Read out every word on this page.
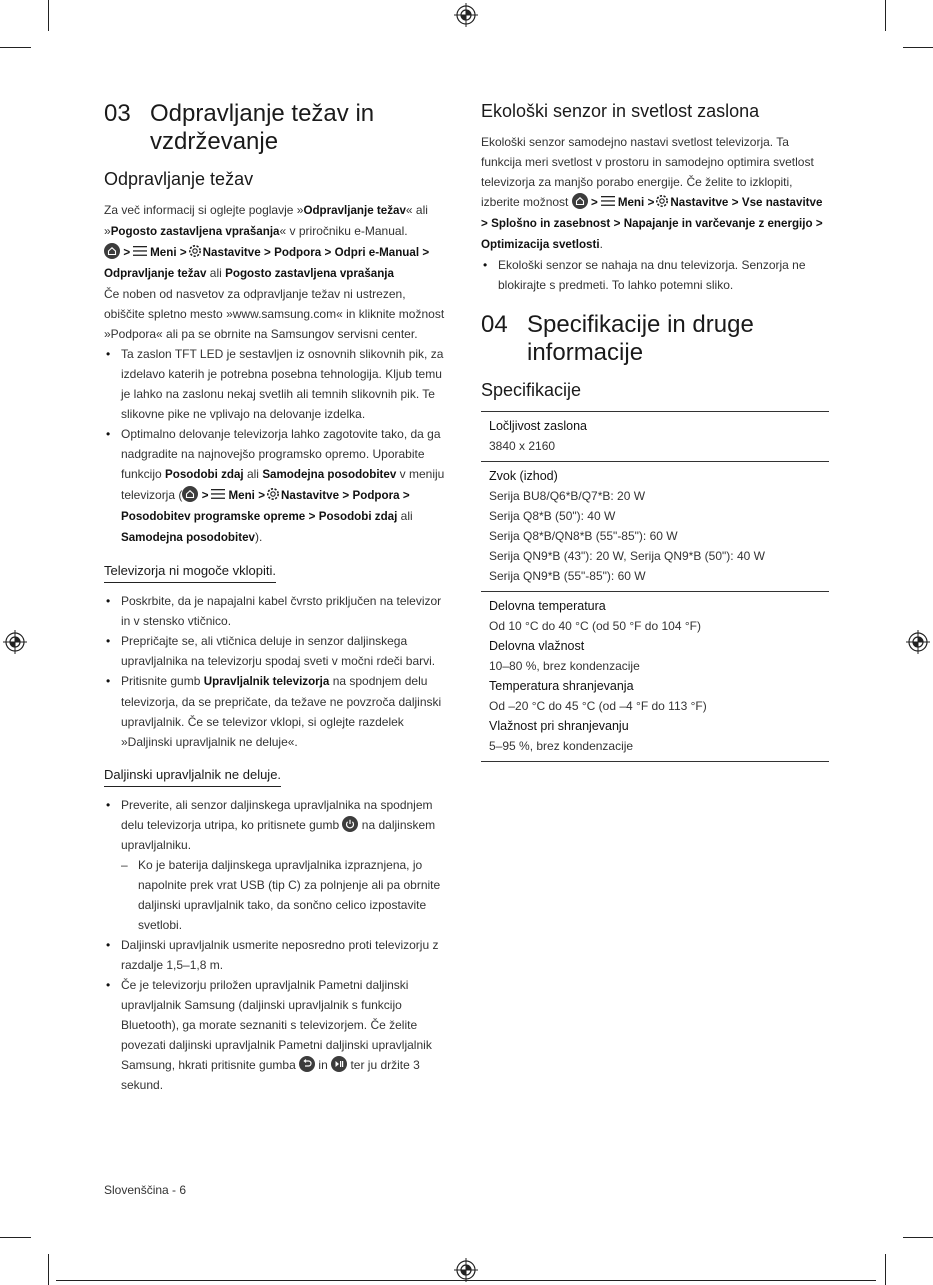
03 Odpravljanje težav in vzdrževanje
Odpravljanje težav

Za več informacij si oglejte poglavje »Odpravljanje težav« ali »Pogosto zastavljena vprašanja« v priročniku e-Manual.

> Meni > Nastavitve > Podpora > Odpri e-Manual > Odpravljanje težav ali Pogosto zastavljena vprašanja

Če noben od nasvetov za odpravljanje težav ni ustrezen, obiščite spletno mesto »www.samsung.com« in kliknite možnost »Podpora« ali pa se obrnite na Samsungov servisni center.

• Ta zaslon TFT LED je sestavljen iz osnovnih slikovnih pik, za izdelavo katerih je potrebna posebna tehnologija. Kljub temu je lahko na zaslonu nekaj svetlih ali temnih slikovnih pik. Te slikovne pike ne vplivajo na delovanje izdelka.
• Optimalno delovanje televizorja lahko zagotovite tako, da ga nadgradite na najnovejšo programsko opremo. Uporabite funkcijo Posodobi zdaj ali Samodejna posodobitev v meniju televizorja ( > Meni > Nastavitve > Podpora > Posodobitev programske opreme > Posodobi zdaj ali Samodejna posodobitev).
Televizorja ni mogoče vklopiti.
• Poskrbite, da je napajalni kabel čvrsto priključen na televizor in v stensko vtičnico.
• Prepričajte se, ali vtičnica deluje in senzor daljinskega upravljalnika na televizorju spodaj sveti v močni rdeči barvi.
• Pritisnite gumb Upravljalnik televizorja na spodnjem delu televizorja, da se prepričate, da težave ne povzroča daljinski upravljalnik. Če se televizor vklopi, si oglejte razdelek »Daljinski upravljalnik ne deluje«.
Daljinski upravljalnik ne deluje.
• Preverite, ali senzor daljinskega upravljalnika na spodnjem delu televizorja utripa, ko pritisnete gumb
na daljinskem upravljalniku.
– Ko je baterija daljinskega upravljalnika izpraznjena, jo napolnite prek vrat USB (tip C) za polnjenje ali pa obrnite daljinski upravljalnik tako, da sončno celico izpostavite svetlobi.
• Daljinski upravljalnik usmerite neposredno proti televizorju z razdalje 1,5–1,8 m.
• Če je televizorju priložen upravljalnik Pametni daljinski upravljalnik Samsung (daljinski upravljalnik s funkcijo Bluetooth), ga morate seznaniti s televizorjem. Če želite povezati daljinski upravljalnik Pametni daljinski upravljalnik Samsung, hkrati pritisnite gumba
in
ter ju držite 3 sekund.
Ekološki senzor in svetlost zaslona

Ekološki senzor samodejno nastavi svetlost televizorja. Ta funkcija meri svetlost v prostoru in samodejno optimira svetlost televizorja za manjšo porabo energije. Če želite to izklopiti, izberite možnost
> Meni > Nastavitve > Vse nastavitve > Splošno in zasebnost > Napajanje in varčevanje z energijo > Optimizacija svetlosti.

• Ekološki senzor se nahaja na dnu televizorja. Senzorja ne blokirajte s predmeti. To lahko potemni sliko.
04 Specifikacije in druge informacije
Specifikacije
Ločljivost zaslona
3840 x 2160

Zvok (izhod)
Serija BU8/Q6*B/Q7*B: 20 W
Serija Q8*B (50"): 40 W
Serija Q8*B/QN8*B (55"-85"): 60 W
Serija QN9*B (43"): 20 W, Serija QN9*B (50"): 40 W
Serija QN9*B (55"-85"): 60 W

Delovna temperatura
Od 10 °C do 40 °C (od 50 °F do 104 °F)
Delovna vlažnost
10–80 %, brez kondenzacije
Temperatura shranjevanja
Od –20 °C do 45 °C (od –4 °F do 113 °F)
Vlažnost pri shranjevanju
5–95 %, brez kondenzacije
Slovenščina - 6
